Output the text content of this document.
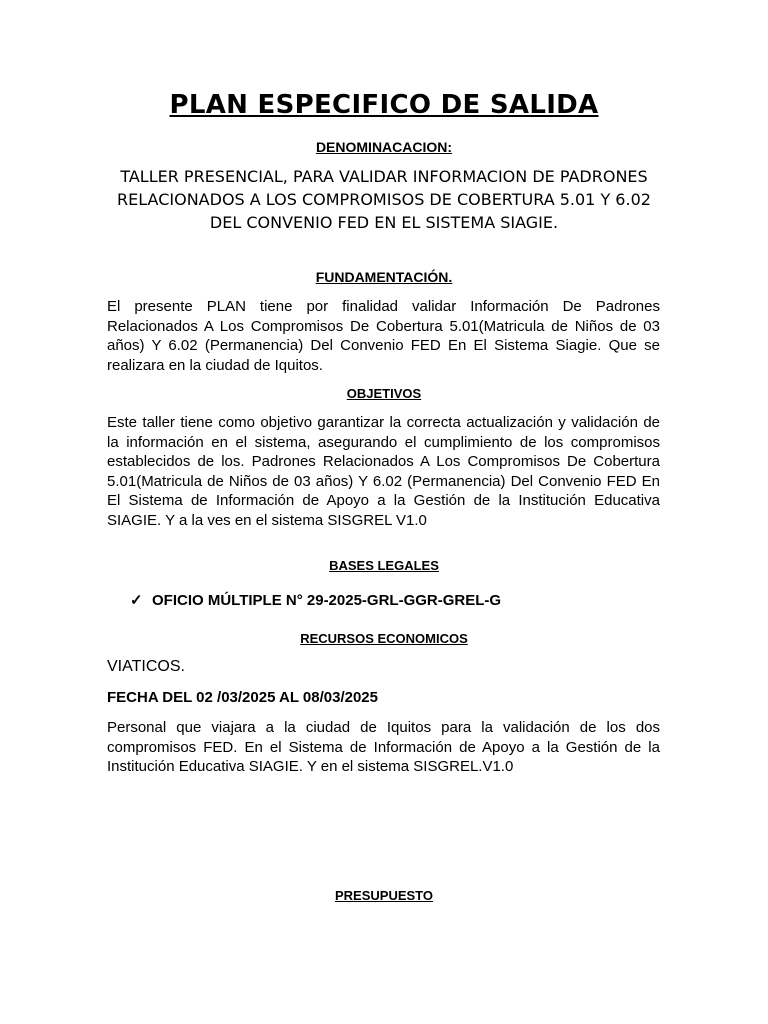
PLAN ESPECIFICO DE SALIDA
DENOMINACACION:
TALLER PRESENCIAL, PARA VALIDAR INFORMACION DE PADRONES RELACIONADOS A LOS COMPROMISOS DE COBERTURA 5.01 Y 6.02 DEL CONVENIO FED EN EL SISTEMA SIAGIE.
FUNDAMENTACIÓN.
El presente PLAN tiene por finalidad validar Información De Padrones Relacionados A Los Compromisos De Cobertura 5.01(Matricula de Niños de 03 años) Y 6.02 (Permanencia) Del Convenio FED En El Sistema Siagie. Que se realizara en la ciudad de Iquitos.
OBJETIVOS
Este taller tiene como objetivo garantizar la correcta actualización y validación de la información en el sistema, asegurando el cumplimiento de los compromisos establecidos de los. Padrones Relacionados A Los Compromisos De Cobertura 5.01(Matricula de Niños de 03 años) Y 6.02 (Permanencia) Del Convenio FED En El Sistema de Información de Apoyo a la Gestión de la Institución Educativa SIAGIE. Y a la ves en el sistema SISGREL V1.0
BASES LEGALES
✓ OFICIO MÚLTIPLE N° 29-2025-GRL-GGR-GREL-G
RECURSOS ECONOMICOS
VIATICOS.
FECHA DEL 02 /03/2025 AL 08/03/2025
Personal que viajara a la ciudad de Iquitos para la validación de los dos compromisos FED. En el Sistema de Información de Apoyo a la Gestión de la Institución Educativa SIAGIE. Y en el sistema SISGREL.V1.0
PRESUPUESTO
